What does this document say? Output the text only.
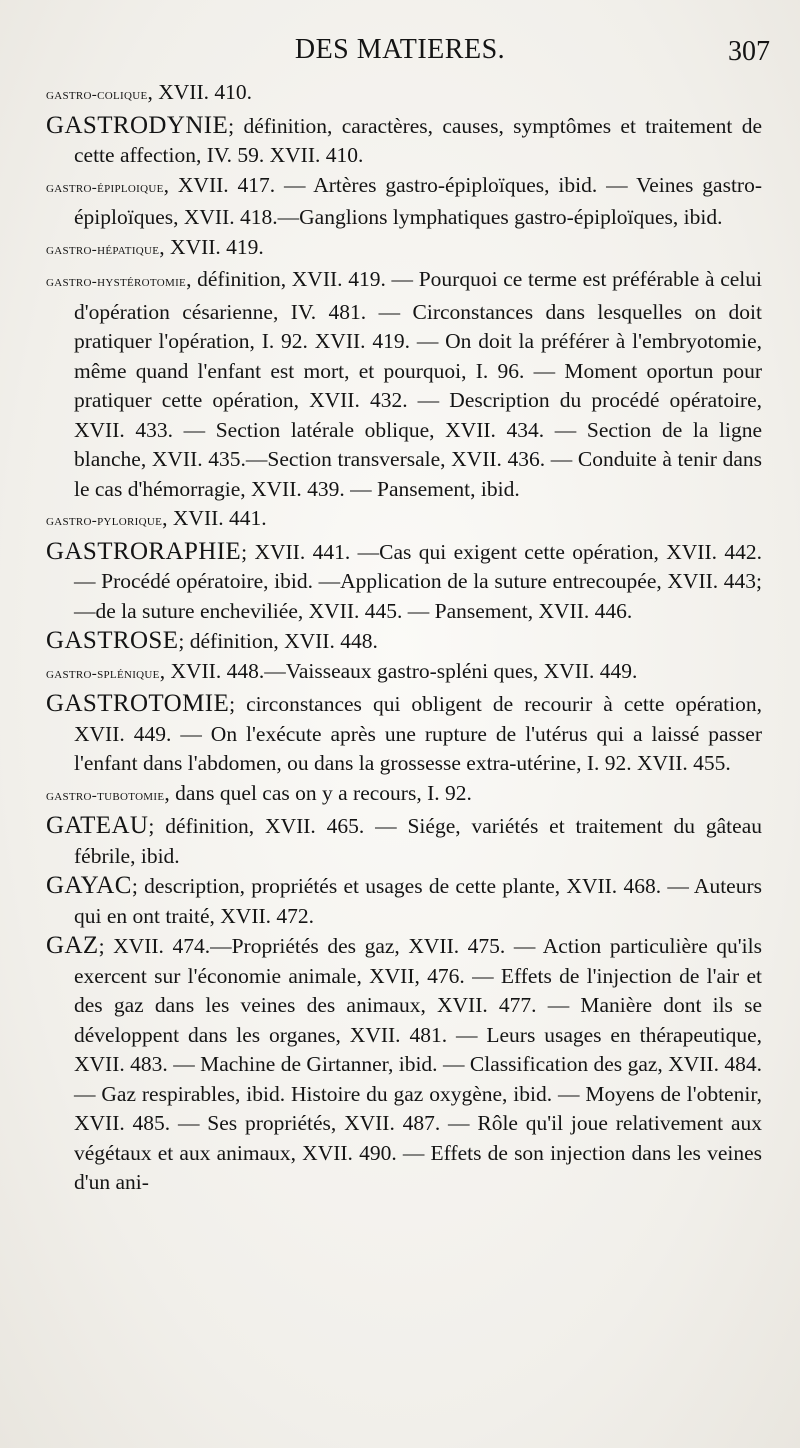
DES MATIERES.	307
gastro-colique, XVII. 410.
GASTRODYNIE; définition, caractères, causes, symptômes et traitement de cette affection, IV. 59. XVII. 410.
gastro-épiploique, XVII. 417. — Artères gastro-épiploïques, ibid. — Veines gastro-épiploïques, XVII. 418.—Ganglions lymphatiques gastro-épiploïques, ibid.
gastro-hépatique, XVII. 419.
gastro-hystérotomie, définition, XVII. 419. — Pourquoi ce terme est préférable à celui d'opération césarienne, IV. 481. — Circonstances dans lesquelles on doit pratiquer l'opération, I. 92. XVII. 419. — On doit la préférer à l'embryotomie, même quand l'enfant est mort, et pourquoi, I. 96. — Moment oportun pour pratiquer cette opération, XVII. 432. — Description du procédé opératoire, XVII. 433. — Section latérale oblique, XVII. 434. — Section de la ligne blanche, XVII. 435.—Section transversale, XVII. 436. — Conduite à tenir dans le cas d'hémorragie, XVII. 439. — Pansement, ibid.
gastro-pylorique, XVII. 441.
GASTRORAPHIE; XVII. 441. —Cas qui exigent cette opération, XVII. 442. — Procédé opératoire, ibid. —Application de la suture entrecoupée, XVII. 443; —de la suture encheviliée, XVII. 445. — Pansement, XVII. 446.
GASTROSE; définition, XVII. 448.
gastro-splénique, XVII. 448.—Vaisseaux gastro-spléni ques, XVII. 449.
GASTROTOMIE; circonstances qui obligent de recourir à cette opération, XVII. 449. — On l'exécute après une rupture de l'utérus qui a laissé passer l'enfant dans l'abdomen, ou dans la grossesse extra-utérine, I. 92. XVII. 455.
gastro-tubotomie, dans quel cas on y a recours, I. 92.
GATEAU; définition, XVII. 465. — Siége, variétés et traitement du gâteau fébrile, ibid.
GAYAC; description, propriétés et usages de cette plante, XVII. 468. — Auteurs qui en ont traité, XVII. 472.
GAZ; XVII. 474.—Propriétés des gaz, XVII. 475. — Action particulière qu'ils exercent sur l'économie animale, XVII, 476. — Effets de l'injection de l'air et des gaz dans les veines des animaux, XVII. 477. — Manière dont ils se développent dans les organes, XVII. 481. — Leurs usages en thérapeutique, XVII. 483. — Machine de Girtanner, ibid. — Classification des gaz, XVII. 484. — Gaz respirables, ibid. Histoire du gaz oxygène, ibid. — Moyens de l'obtenir, XVII. 485. — Ses propriétés, XVII. 487. — Rôle qu'il joue relativement aux végétaux et aux animaux, XVII. 490. — Effets de son injection dans les veines d'un ani-
